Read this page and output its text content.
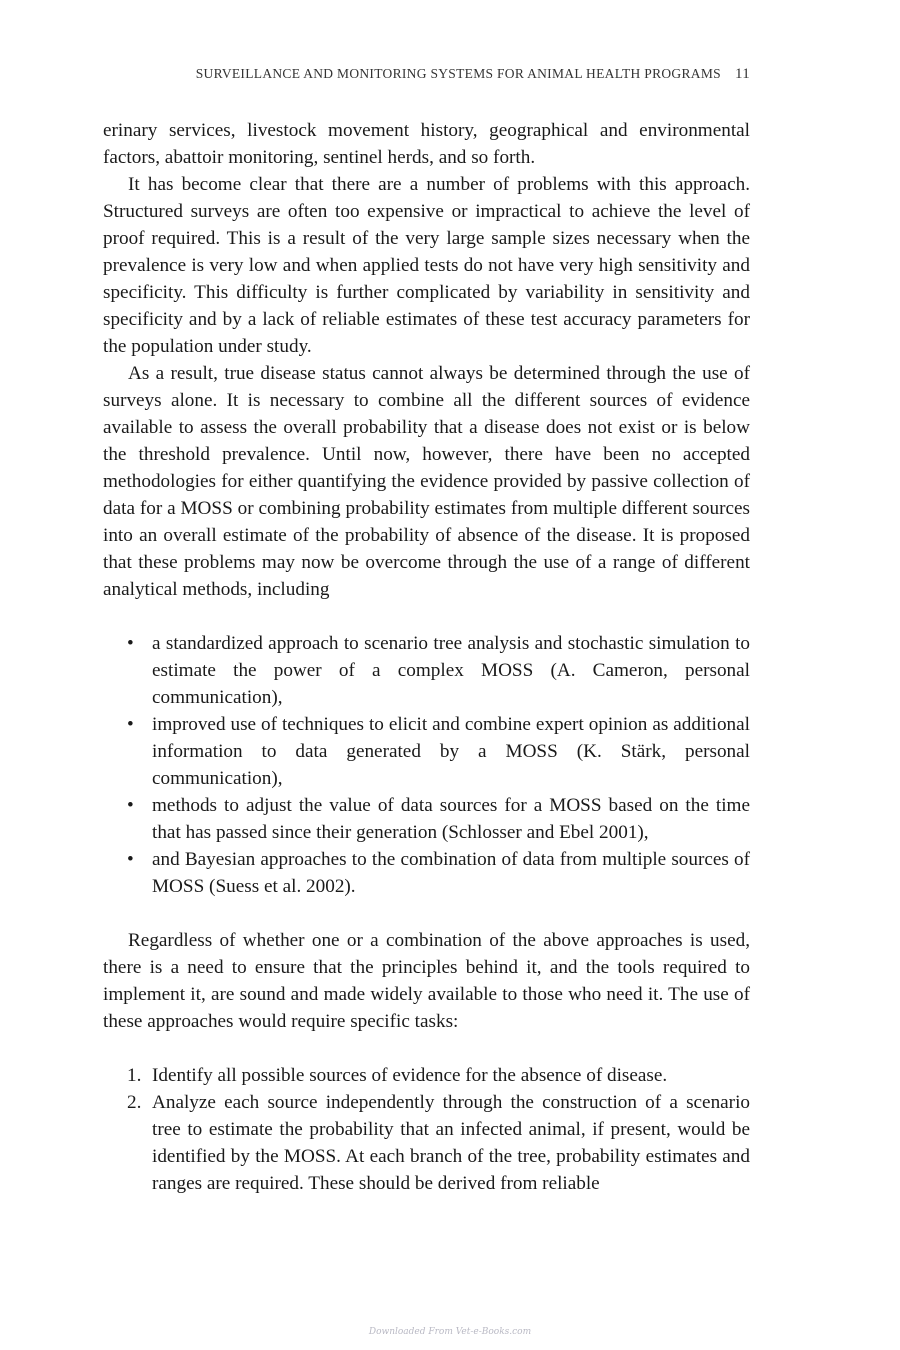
SURVEILLANCE AND MONITORING SYSTEMS FOR ANIMAL HEALTH PROGRAMS 11

erinary services, livestock movement history, geographical and environmental factors, abattoir monitoring, sentinel herds, and so forth.

It has become clear that there are a number of problems with this approach. Structured surveys are often too expensive or impractical to achieve the level of proof required. This is a result of the very large sample sizes necessary when the prevalence is very low and when applied tests do not have very high sensitivity and specificity. This difficulty is further complicated by variability in sensitivity and specificity and by a lack of reliable estimates of these test accuracy parameters for the population under study.

As a result, true disease status cannot always be determined through the use of surveys alone. It is necessary to combine all the different sources of evidence available to assess the overall probability that a disease does not exist or is below the threshold prevalence. Until now, however, there have been no accepted methodologies for either quantifying the evidence provided by passive collection of data for a MOSS or combining probability estimates from multiple different sources into an overall estimate of the probability of absence of the disease. It is proposed that these problems may now be overcome through the use of a range of different analytical methods, including

• a standardized approach to scenario tree analysis and stochastic simulation to estimate the power of a complex MOSS (A. Cameron, personal communication),
• improved use of techniques to elicit and combine expert opinion as additional information to data generated by a MOSS (K. Stärk, personal communication),
• methods to adjust the value of data sources for a MOSS based on the time that has passed since their generation (Schlosser and Ebel 2001),
• and Bayesian approaches to the combination of data from multiple sources of MOSS (Suess et al. 2002).

Regardless of whether one or a combination of the above approaches is used, there is a need to ensure that the principles behind it, and the tools required to implement it, are sound and made widely available to those who need it. The use of these approaches would require specific tasks:

1. Identify all possible sources of evidence for the absence of disease.
2. Analyze each source independently through the construction of a scenario tree to estimate the probability that an infected animal, if present, would be identified by the MOSS. At each branch of the tree, probability estimates and ranges are required. These should be derived from reliable
Downloaded From Vet-e-Books.com
